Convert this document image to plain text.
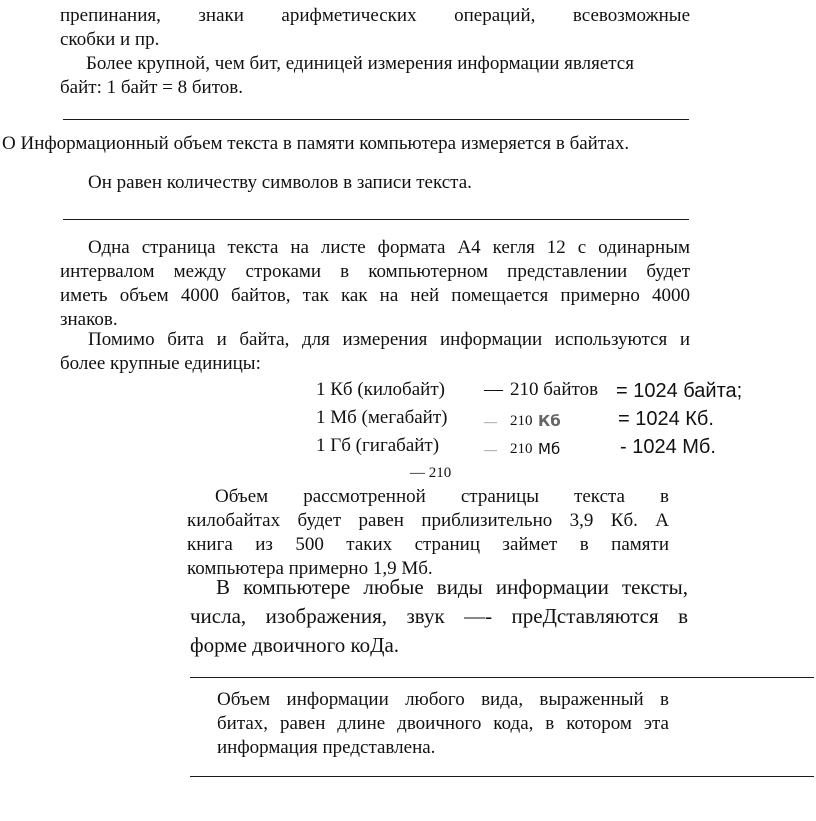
препинания, знаки арифметических операций, всевозможные
скобки и пр.
Более крупной, чем бит, единицей измерения информации является
байт: 1 байт = 8 битов.
О Информационный объем текста в памяти компьютера измеряется в байтах.
Он равен количеству символов в записи текста.
Одна страница текста на листе формата А4 кегля 12 с одинарным
интервалом между строками в компьютерном представлении будет
иметь объем 4000 байтов, так как на ней помещается примерно 4000
знаков.
Помимо бита и байта, для измерения информации используются и
более крупные единицы:
1 Кб (килобайт) — 210 байтов = 1024 байта;
1 Мб (мегабайт)	— 210 Кб	= 1024 Кб.
1 Гб (гигабайт)	— 210 Мб	- 1024 Мб.
— 210
Объем рассмотренной страницы текста в
килобайтах будет равен приблизительно 3,9 Кб. А
книга из 500 таких страниц займет в памяти
компьютера примерно 1,9 Мб.
В компьютере любые виды информации тексты,
числа, изображения, звук —- преДставляются в
форме двоичного коДа.
Объем информации любого вида, выраженный в
битах, равен длине двоичного кода, в котором эта
информация представлена.
